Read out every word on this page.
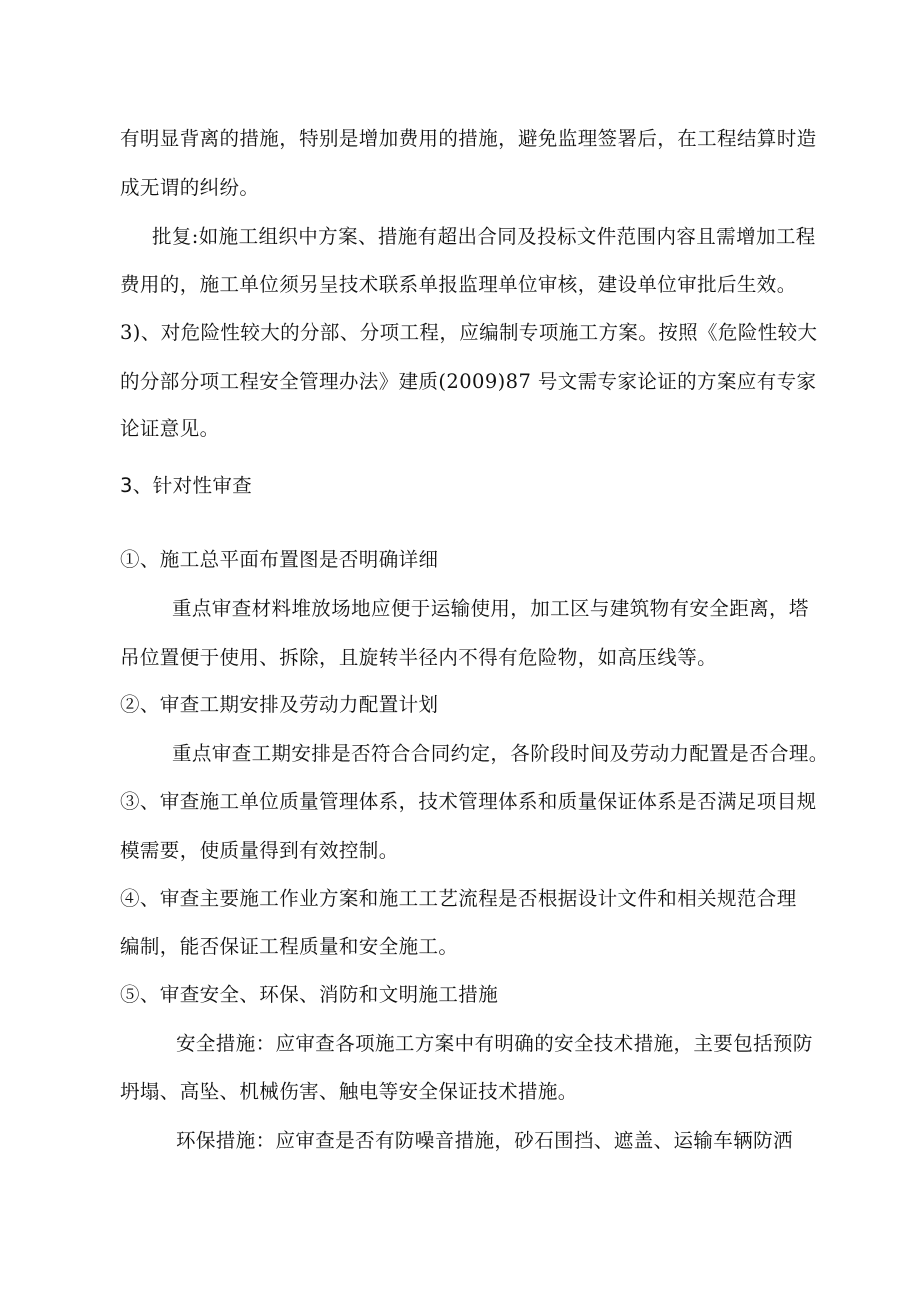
有明显背离的措施，特别是增加费用的措施，避免监理签署后，在工程结算时造
成无谓的纠纷。
批复:如施工组织中方案、措施有超出合同及投标文件范围内容且需增加工程
费用的，施工单位须另呈技术联系单报监理单位审核，建设单位审批后生效。
3)、对危险性较大的分部、分项工程，应编制专项施工方案。按照《危险性较大
的分部分项工程安全管理办法》建质(2009)87 号文需专家论证的方案应有专家
论证意见。
3、针对性审查
①、施工总平面布置图是否明确详细
重点审查材料堆放场地应便于运输使用，加工区与建筑物有安全距离，塔
吊位置便于使用、拆除，且旋转半径内不得有危险物，如高压线等。
②、审查工期安排及劳动力配置计划
重点审查工期安排是否符合合同约定，各阶段时间及劳动力配置是否合理。
③、审查施工单位质量管理体系，技术管理体系和质量保证体系是否满足项目规
模需要，使质量得到有效控制。
④、审查主要施工作业方案和施工工艺流程是否根据设计文件和相关规范合理
编制，能否保证工程质量和安全施工。
⑤、审查安全、环保、消防和文明施工措施
安全措施：应审查各项施工方案中有明确的安全技术措施，主要包括预防
坍塌、高坠、机械伤害、触电等安全保证技术措施。
环保措施：应审查是否有防噪音措施，砂石围挡、遮盖、运输车辆防洒
